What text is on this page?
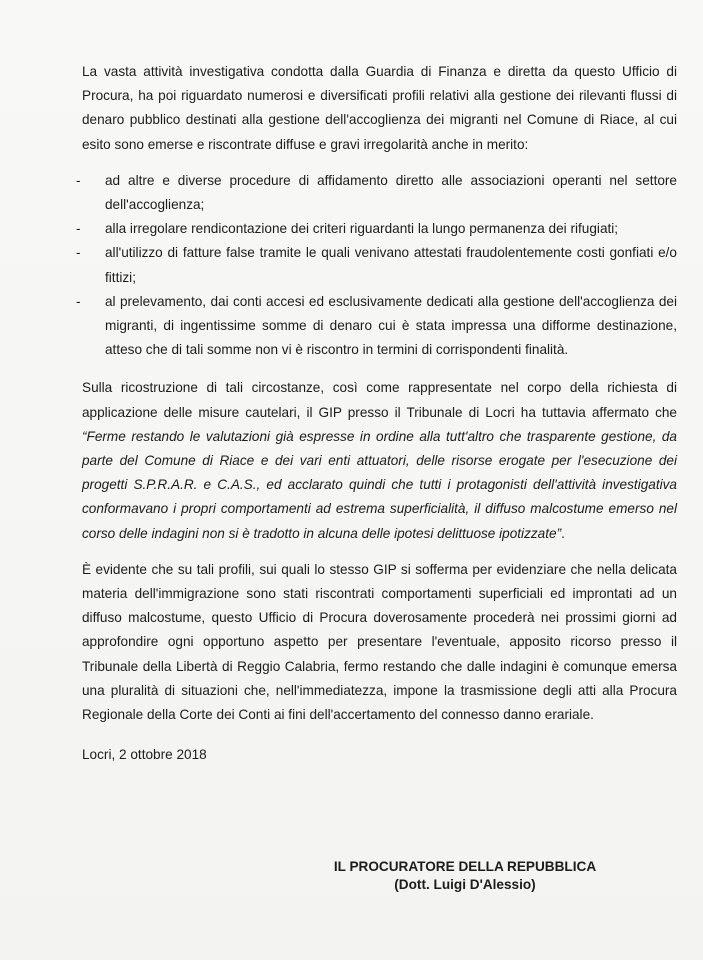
La vasta attività investigativa condotta dalla Guardia di Finanza e diretta da questo Ufficio di Procura, ha poi riguardato numerosi e diversificati profili relativi alla gestione dei rilevanti flussi di denaro pubblico destinati alla gestione dell'accoglienza dei migranti nel Comune di Riace, al cui esito sono emerse e riscontrate diffuse e gravi irregolarità anche in merito:

-	ad altre e diverse procedure di affidamento diretto alle associazioni operanti nel settore dell'accoglienza;
-	alla irregolare rendicontazione dei criteri riguardanti la lungo permanenza dei rifugiati;
-	all'utilizzo di fatture false tramite le quali venivano attestati fraudolentemente costi gonfiati e/o fittizi;
-	al prelevamento, dai conti accesi ed esclusivamente dedicati alla gestione dell'accoglienza dei migranti, di ingentissime somme di denaro cui è stata impressa una difforme destinazione, atteso che di tali somme non vi è riscontro in termini di corrispondenti finalità.

Sulla ricostruzione di tali circostanze, così come rappresentate nel corpo della richiesta di applicazione delle misure cautelari, il GIP presso il Tribunale di Locri ha tuttavia affermato che “Ferme restando le valutazioni già espresse in ordine alla tutt'altro che trasparente gestione, da parte del Comune di Riace e dei vari enti attuatori, delle risorse erogate per l'esecuzione dei progetti S.P.R.A.R. e C.A.S., ed acclarato quindi che tutti i protagonisti dell'attività investigativa conformavano i propri comportamenti ad estrema superficialità, il diffuso malcostume emerso nel corso delle indagini non si è tradotto in alcuna delle ipotesi delittuose ipotizzate”.

È evidente che su tali profili, sui quali lo stesso GIP si sofferma per evidenziare che nella delicata materia dell'immigrazione sono stati riscontrati comportamenti superficiali ed improntati ad un diffuso malcostume, questo Ufficio di Procura doverosamente procederà nei prossimi giorni ad approfondire ogni opportuno aspetto per presentare l'eventuale, apposito ricorso presso il Tribunale della Libertà di Reggio Calabria, fermo restando che dalle indagini è comunque emersa una pluralità di situazioni che, nell'immediatezza, impone la trasmissione degli atti alla Procura Regionale della Corte dei Conti ai fini dell'accertamento del connesso danno erariale.

Locri, 2 ottobre 2018

IL PROCURATORE DELLA REPUBBLICA
(Dott. Luigi D'Alessio)
